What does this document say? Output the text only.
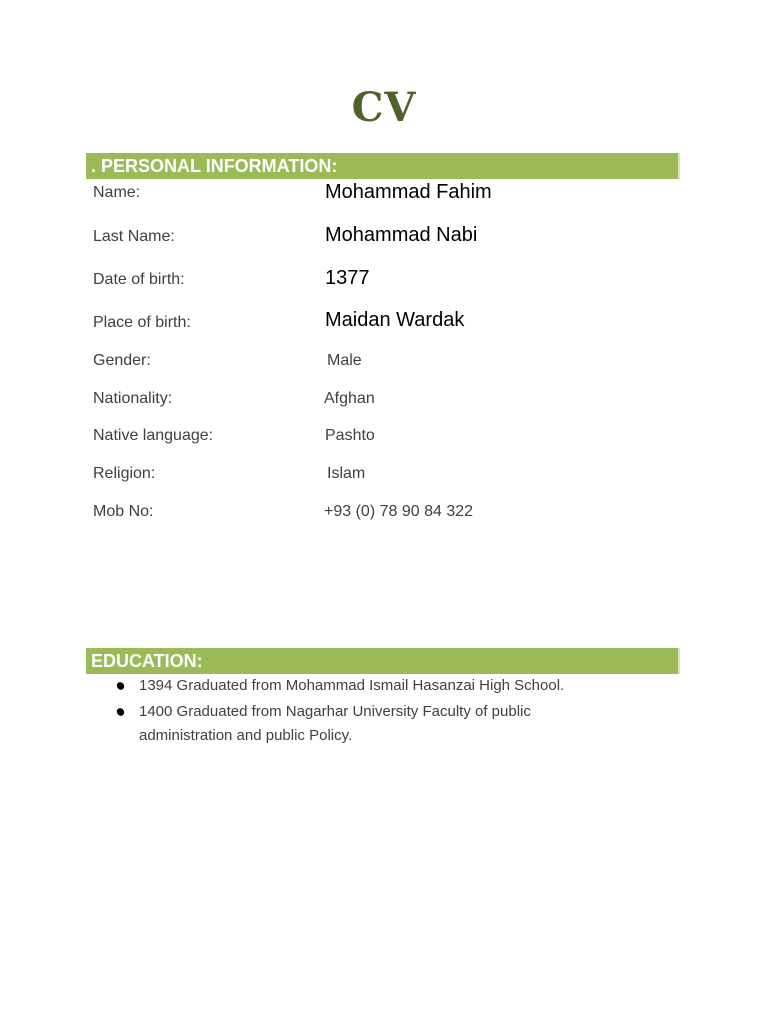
CV
. PERSONAL INFORMATION:
Name:	Mohammad Fahim
Last Name:	Mohammad Nabi
Date of birth:	1377
Place of birth:	Maidan Wardak
Gender:	Male
Nationality:	Afghan
Native language:	Pashto
Religion:	Islam
Mob No:	+93 (0) 78 90 84 322
EDUCATION:
1394 Graduated from Mohammad Ismail Hasanzai High School.
1400 Graduated from Nagarhar University Faculty of public administration and public Policy.
